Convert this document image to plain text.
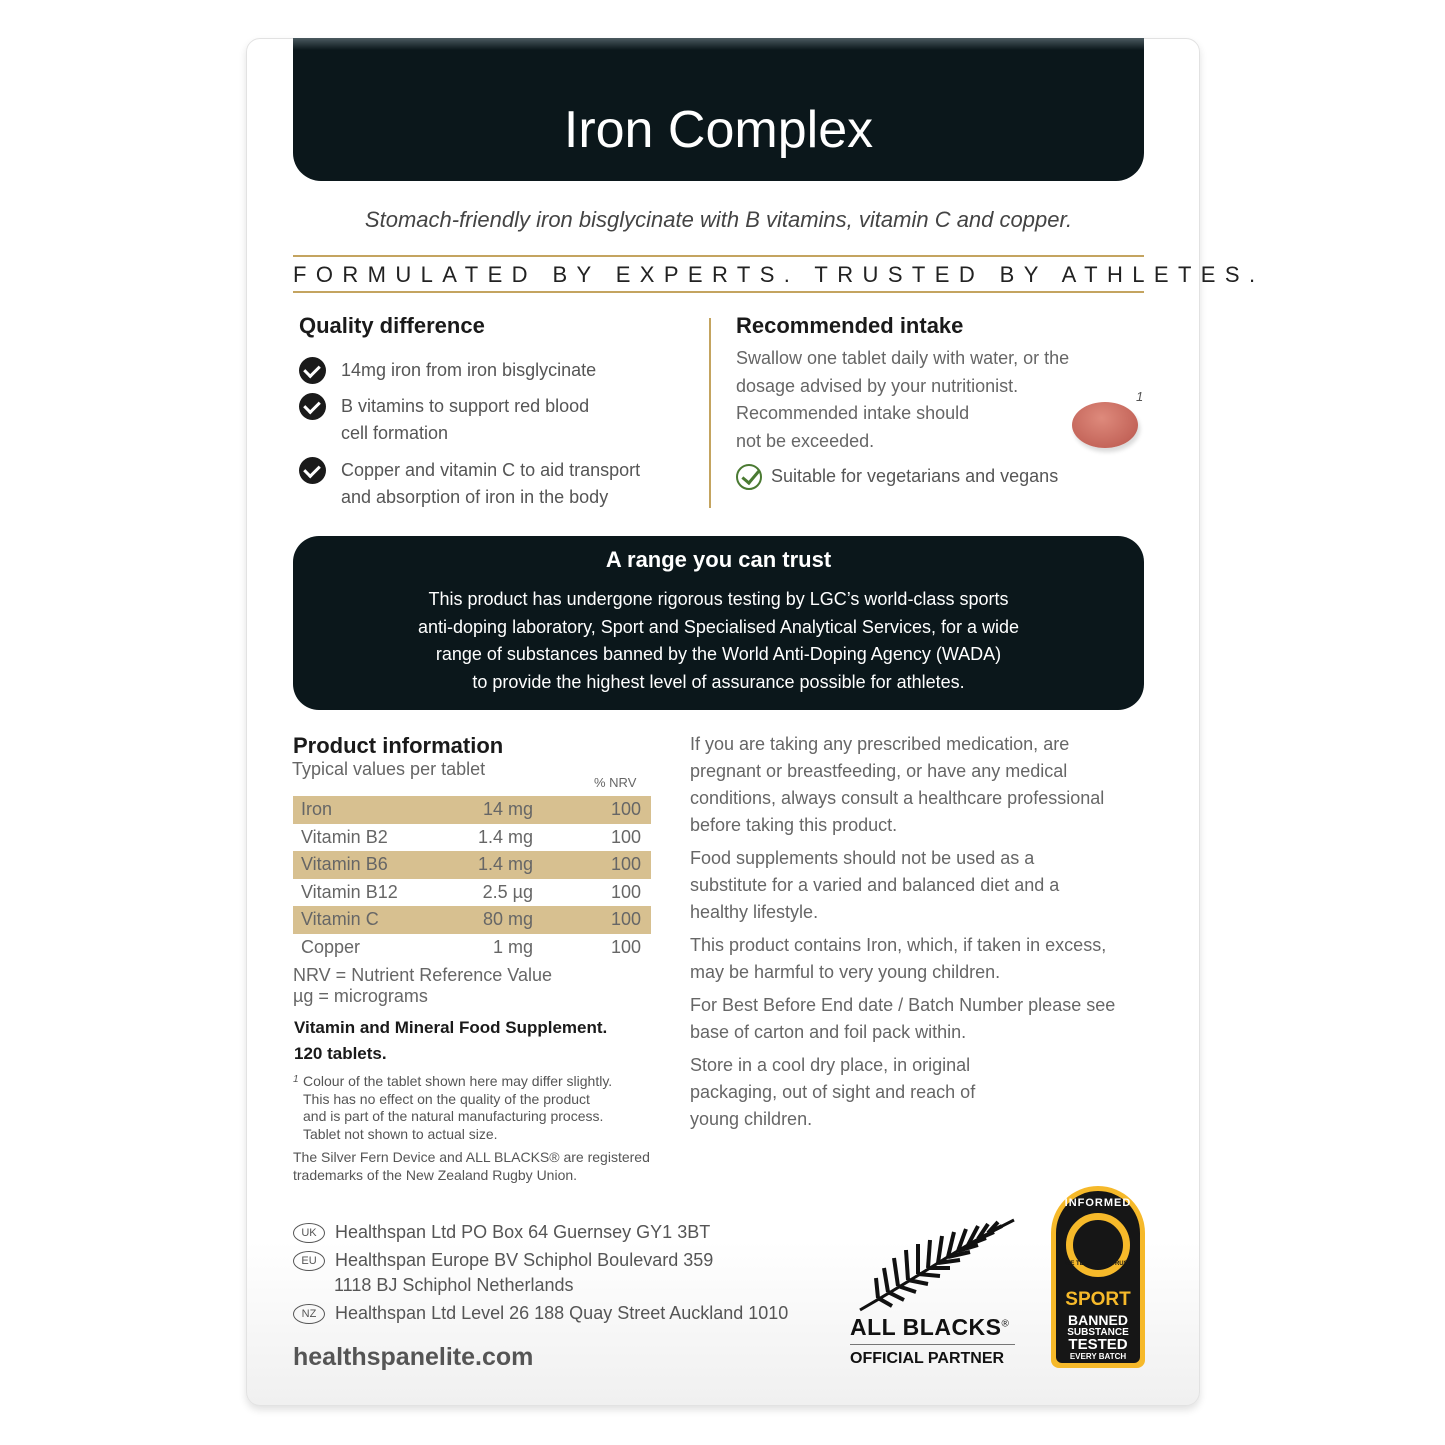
Iron Complex
Stomach-friendly iron bisglycinate with B vitamins, vitamin C and copper.
FORMULATED BY EXPERTS. TRUSTED BY ATHLETES.
Quality difference
14mg iron from iron bisglycinate
B vitamins to support red blood
cell formation
Copper and vitamin C to aid transport
and absorption of iron in the body
Recommended intake
Swallow one tablet daily with water, or the
dosage advised by your nutritionist.
Recommended intake should
not be exceeded.
1
Suitable for vegetarians and vegans
A range you can trust

This product has undergone rigorous testing by LGC’s world-class sports
anti-doping laboratory, Sport and Specialised Analytical Services, for a wide
range of substances banned by the World Anti-Doping Agency (WADA)
to provide the highest level of assurance possible for athletes.

Product information
Typical values per tablet
% NRV
Iron	14 mg	100
Vitamin B2	1.4 mg	100
Vitamin B6	1.4 mg	100
Vitamin B12	2.5 µg	100
Vitamin C	80 mg	100
Copper	1 mg	100
NRV = Nutrient Reference Value
µg = micrograms
Vitamin and Mineral Food Supplement.
120 tablets.
1 Colour of the tablet shown here may differ slightly.
This has no effect on the quality of the product
and is part of the natural manufacturing process.
Tablet not shown to actual size.
The Silver Fern Device and ALL BLACKS® are registered
trademarks of the New Zealand Rugby Union.

If you are taking any prescribed medication, are pregnant or breastfeeding, or have any medical conditions, always consult a healthcare professional before taking this product.

Food supplements should not be used as a substitute for a varied and balanced diet and a healthy lifestyle.

This product contains Iron, which, if taken in excess, may be harmful to very young children.

For Best Before End date / Batch Number please see base of carton and foil pack within.

Store in a cool dry place, in original packaging, out of sight and reach of young children.

UK Healthspan Ltd PO Box 64 Guernsey GY1 3BT
EU Healthspan Europe BV Schiphol Boulevard 359
1118 BJ Schiphol Netherlands
NZ Healthspan Ltd Level 26 188 Quay Street Auckland 1010
healthspanelite.com
ALL BLACKS®
OFFICIAL PARTNER
INFORMED
WE TEST · YOU TRUST
SPORT
BANNED
SUBSTANCE
TESTED
EVERY BATCH
